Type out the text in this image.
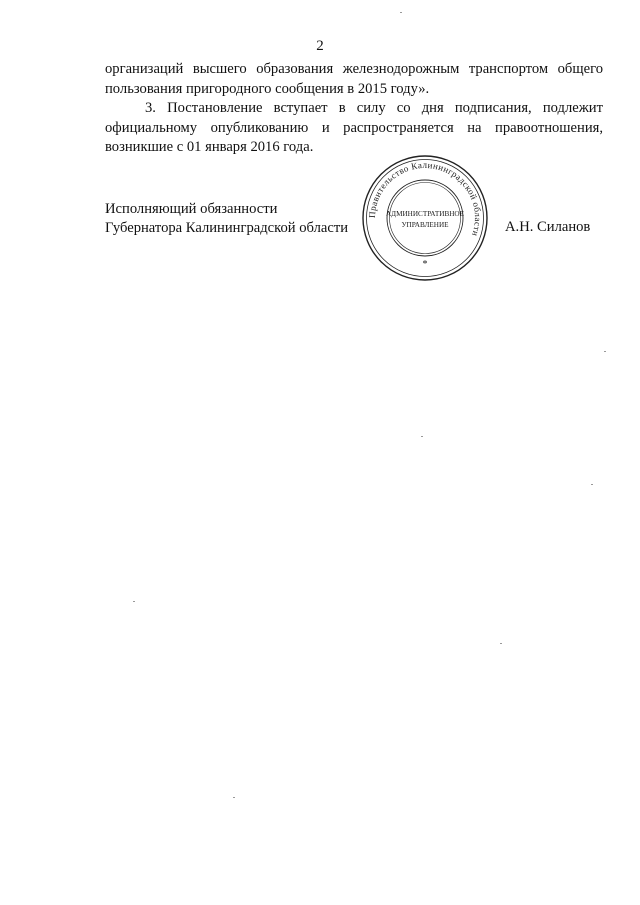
2

организаций высшего образования железнодорожным транспортом общего пользования пригородного сообщения в 2015 году».

3. Постановление вступает в силу со дня подписания, подлежит официальному опубликованию и распространяется на правоотношения, возникшие с 01 января 2016 года.

Исполняющий обязанности
Губернатора Калининградской области	А.Н. Силанов
Правительство Калининградской области
АДМИНИСТРАТИВНОЕ
УПРАВЛЕНИЕ
*
